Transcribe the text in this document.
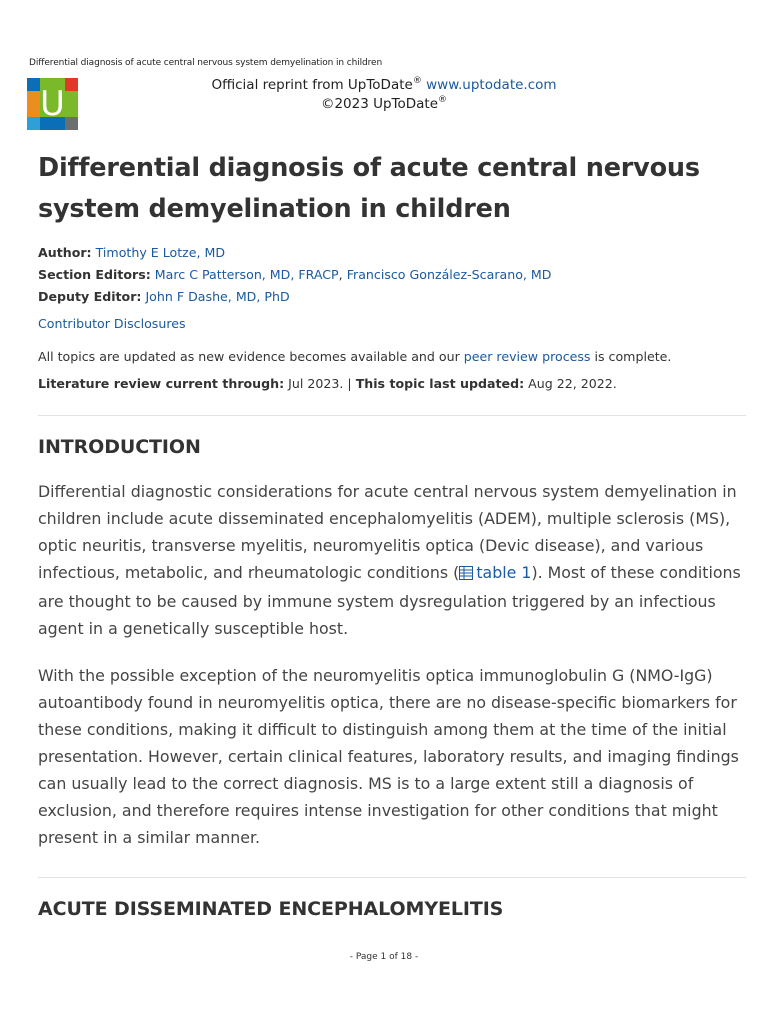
Differential diagnosis of acute central nervous system demyelination in children
U	Official reprint from UpToDate® www.uptodate.com
©2023 UpToDate®
Differential diagnosis of acute central nervous system demyelination in children
Author: Timothy E Lotze, MD
Section Editors: Marc C Patterson, MD, FRACP, Francisco González-Scarano, MD
Deputy Editor: John F Dashe, MD, PhD
Contributor Disclosures
All topics are updated as new evidence becomes available and our peer review process is complete.
Literature review current through: Jul 2023. | This topic last updated: Aug 22, 2022.
INTRODUCTION

Differential diagnostic considerations for acute central nervous system demyelination in children include acute disseminated encephalomyelitis (ADEM), multiple sclerosis (MS), optic neuritis, transverse myelitis, neuromyelitis optica (Devic disease), and various infectious, metabolic, and rheumatologic conditions ( table 1). Most of these conditions are thought to be caused by immune system dysregulation triggered by an infectious agent in a genetically susceptible host.

With the possible exception of the neuromyelitis optica immunoglobulin G (NMO-IgG) autoantibody found in neuromyelitis optica, there are no disease-specific biomarkers for these conditions, making it difficult to distinguish among them at the time of the initial presentation. However, certain clinical features, laboratory results, and imaging findings can usually lead to the correct diagnosis. MS is to a large extent still a diagnosis of exclusion, and therefore requires intense investigation for other conditions that might present in a similar manner.

ACUTE DISSEMINATED ENCEPHALOMYELITIS
- Page 1 of 18 -
